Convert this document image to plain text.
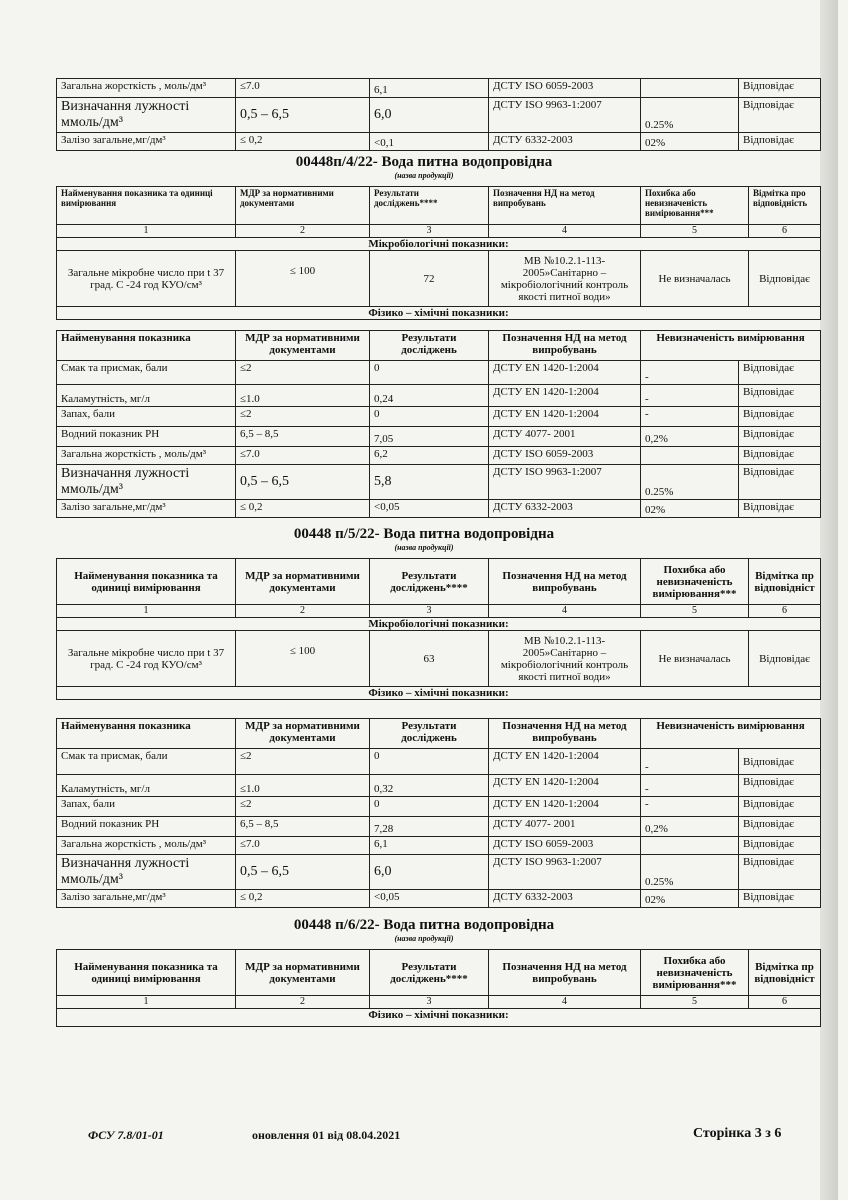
Загальна жорсткість , моль/дм³	≤7.0	6,1	ДСТУ ISO 6059-2003		Відповідає
Визначання лужності ммоль/дм³	0,5 – 6,5	6,0	ДСТУ ISO 9963-1:2007	0.25%	Відповідає
Залізо загальне,мг/дм³	≤ 0,2	<0,1	ДСТУ 6332-2003	02%	Відповідає
00448п/4/22- Вода питна водопровідна
(назва продукції)
Найменування показника та одиниці вимірювання	МДР за нормативними документами	Результати досліджень****	Позначення НД на метод випробувань	Похибка або невизначеність вимірювання***	Відмітка про відповідність
1	2	3	4	5	6
Мікробіологічні показники:					
Загальне мікробне число при t 37 град. С -24 год КУО/см³	≤ 100	72	МВ №10.2.1-113-2005»Санітарно – мікробіологічний контроль якості питної води»	Не визначалась	Відповідає
Фізико – хімічні показники:					
Найменування показника	МДР за нормативними документами	Результати досліджень	Позначення НД на метод випробувань	Невизначеність вимірювання	
Смак та присмак, бали	≤2	0	ДСТУ EN 1420-1:2004	-	Відповідає
Каламутність, мг/л	≤1.0	0,24	ДСТУ EN 1420-1:2004	-	Відповідає
Запах, бали	≤2	0	ДСТУ EN 1420-1:2004	-	Відповідає
Водний показник РН	6,5 – 8,5	7,05	ДСТУ 4077- 2001	0,2%	Відповідає
Загальна жорсткість , моль/дм³	≤7.0	6,2	ДСТУ ISO 6059-2003		Відповідає
Визначання лужності ммоль/дм³	0,5 – 6,5	5,8	ДСТУ ISO 9963-1:2007	0.25%	Відповідає
Залізо загальне,мг/дм³	≤ 0,2	<0,05	ДСТУ 6332-2003	02%	Відповідає
00448 п/5/22- Вода питна водопровідна
(назва продукції)
Найменування показника та одиниці вимірювання	МДР за нормативними документами	Результати досліджень****	Позначення НД на метод випробувань	Похибка або невизначеність вимірювання***	Відмітка пр відповідніст
1	2	3	4	5	6
Мікробіологічні показники:					
Загальне мікробне число при t 37 град. С -24 год КУО/см³	≤ 100	63	МВ №10.2.1-113-2005»Санітарно – мікробіологічний контроль якості питної води»	Не визначалась	Відповідає
Фізико – хімічні показники:					
Найменування показника	МДР за нормативними документами	Результати досліджень	Позначення НД на метод випробувань	Невизначеність вимірювання	
Смак та присмак, бали	≤2	0	ДСТУ EN 1420-1:2004	-	Відповідає
Каламутність, мг/л	≤1.0	0,32	ДСТУ EN 1420-1:2004	-	Відповідає
Запах, бали	≤2	0	ДСТУ EN 1420-1:2004	-	Відповідає
Водний показник РН	6,5 – 8,5	7,28	ДСТУ 4077- 2001	0,2%	Відповідає
Загальна жорсткість , моль/дм³	≤7.0	6,1	ДСТУ ISO 6059-2003		Відповідає
Визначання лужності ммоль/дм³	0,5 – 6,5	6,0	ДСТУ ISO 9963-1:2007	0.25%	Відповідає
Залізо загальне,мг/дм³	≤ 0,2	<0,05	ДСТУ 6332-2003	02%	Відповідає
00448 п/6/22- Вода питна водопровідна
(назва продукції)
Найменування показника та одиниці вимірювання	МДР за нормативними документами	Результати досліджень****	Позначення НД на метод випробувань	Похибка або невизначеність вимірювання***	Відмітка пр відповідніст
1	2	3	4	5	6
Фізико – хімічні показники:					
ФСУ 7.8/01-01	оновлення 01 від 08.04.2021	Сторінка 3 з 6
